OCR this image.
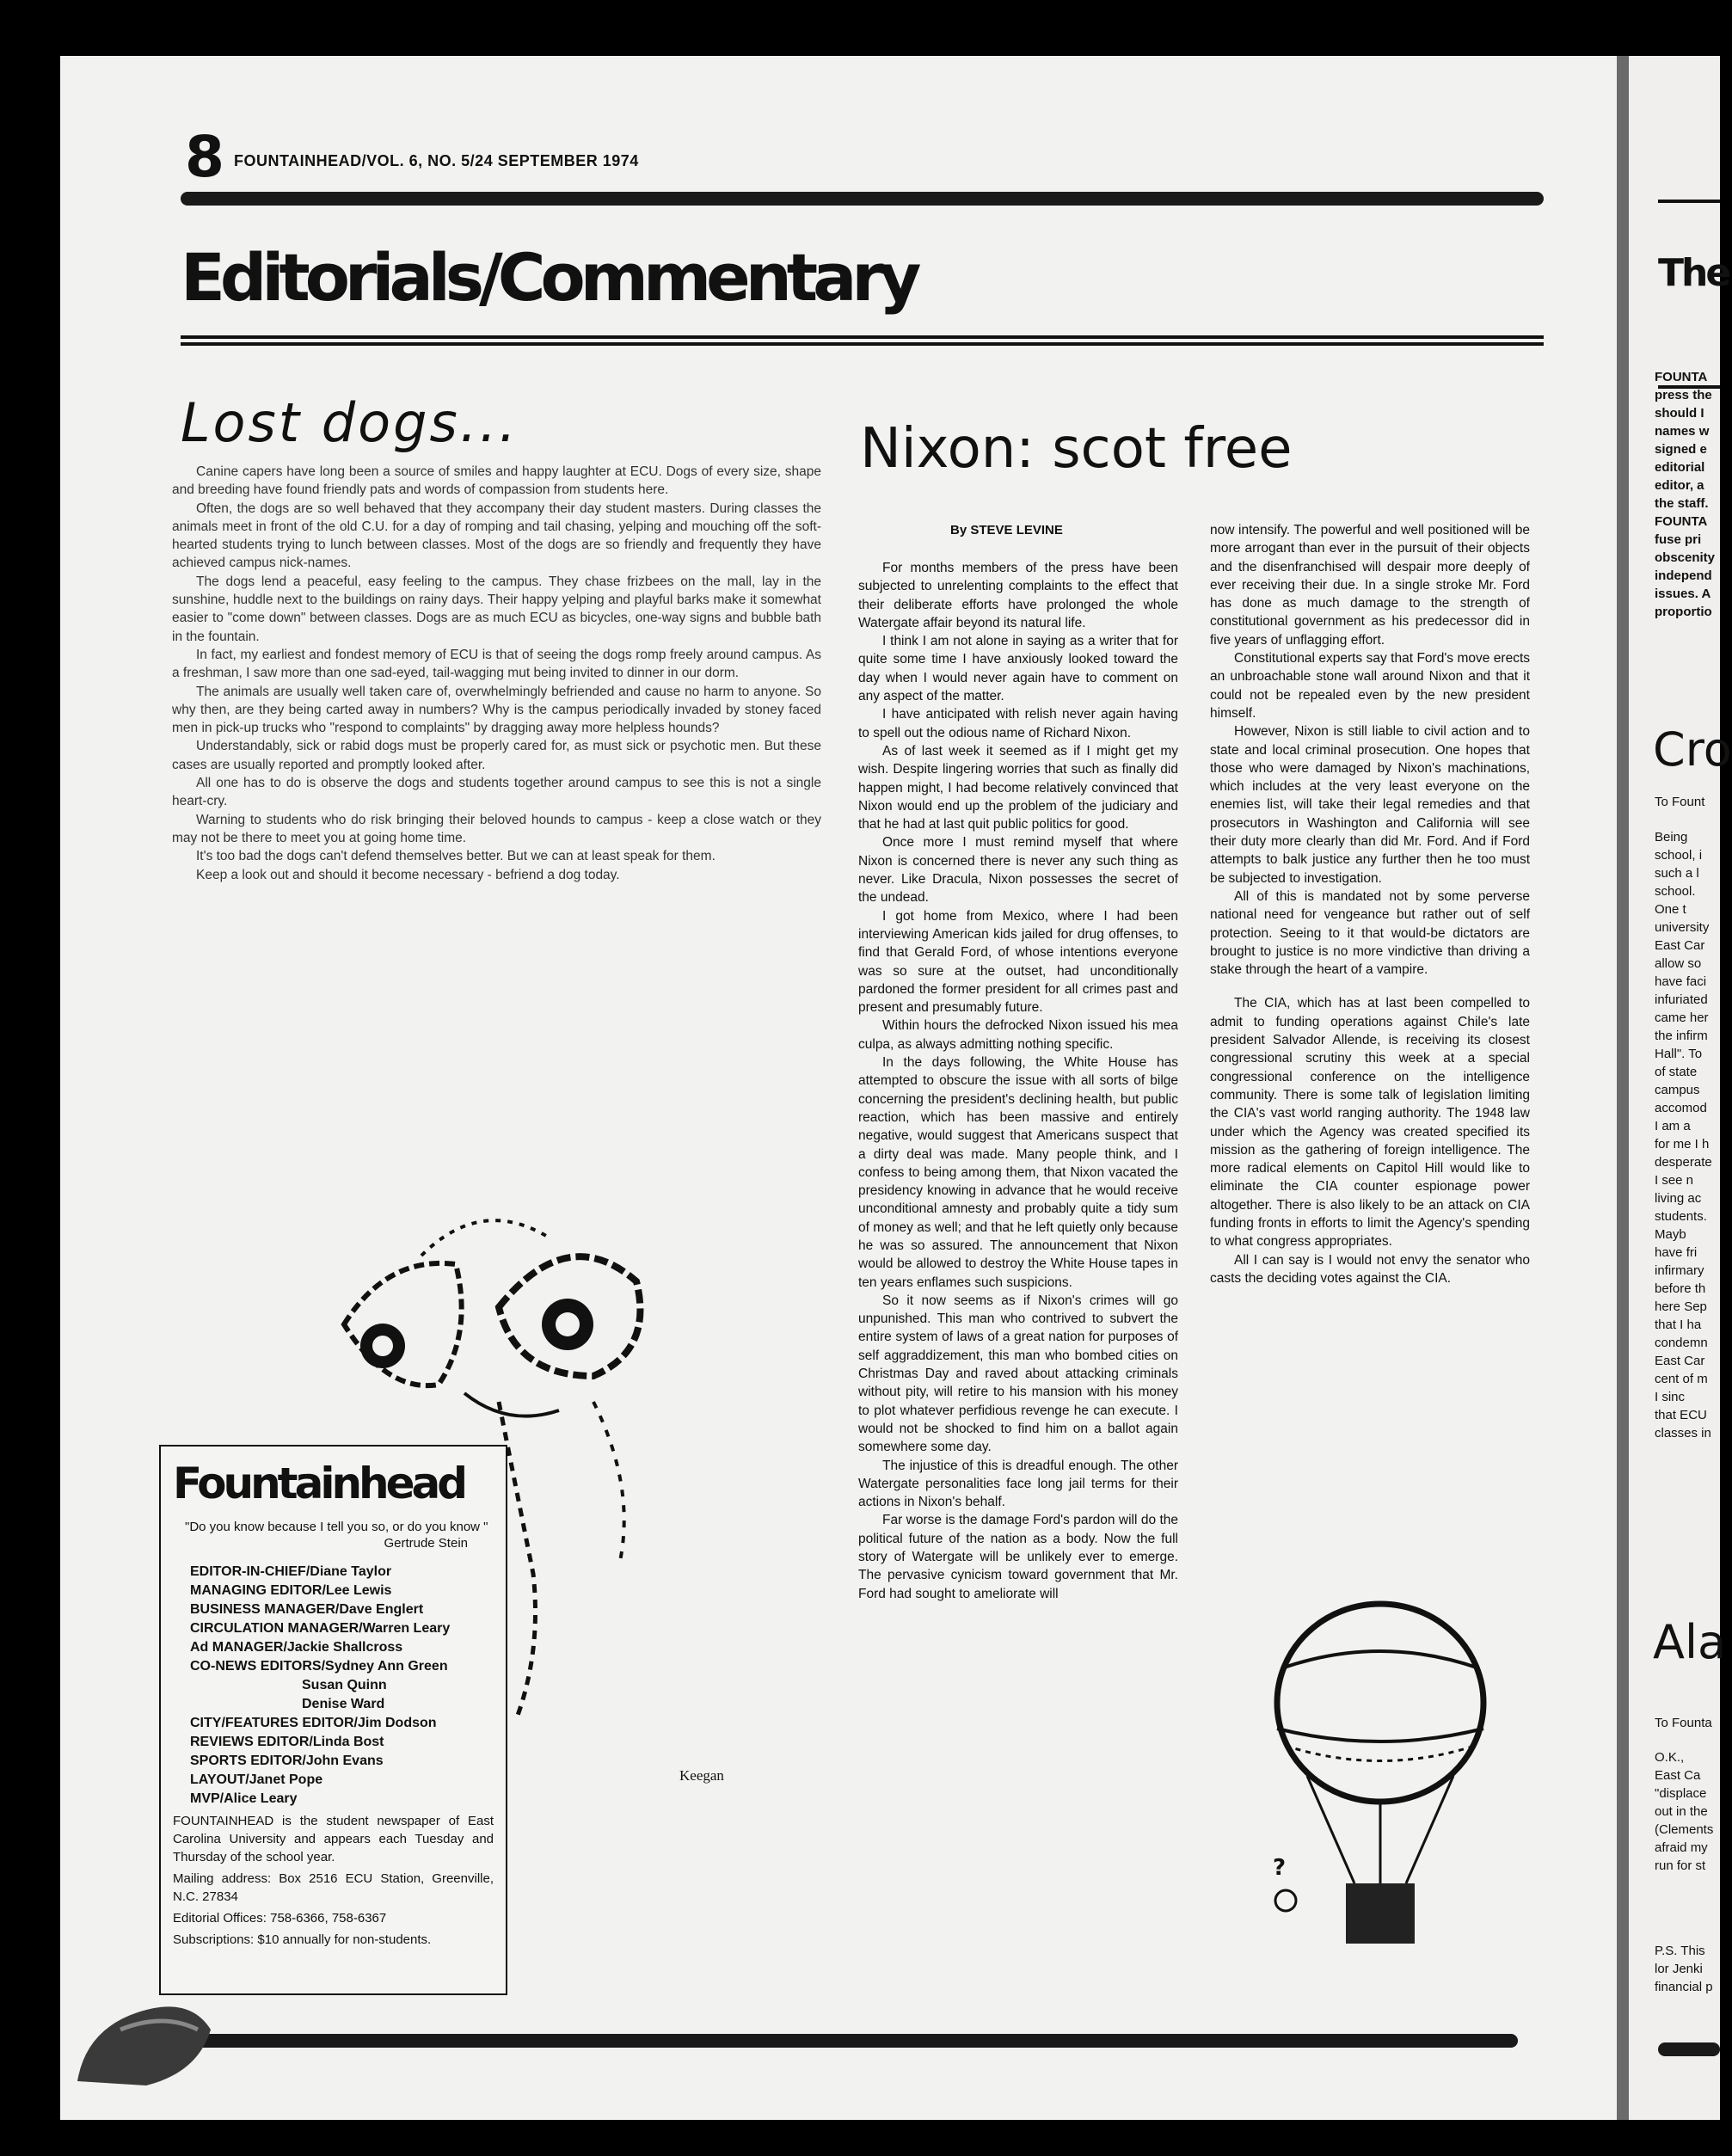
8 FOUNTAINHEAD/VOL. 6, NO. 5/24 SEPTEMBER 1974
Editorials/Commentary
Lost dogs...

Canine capers have long been a source of smiles and happy laughter at ECU. Dogs of every size, shape and breeding have found friendly pats and words of compassion from students here.

Often, the dogs are so well behaved that they accompany their day student masters. During classes the animals meet in front of the old C.U. for a day of romping and tail chasing, yelping and mouching off the soft-hearted students trying to lunch between classes. Most of the dogs are so friendly and frequently they have achieved campus nick-names.

The dogs lend a peaceful, easy feeling to the campus. They chase frizbees on the mall, lay in the sunshine, huddle next to the buildings on rainy days. Their happy yelping and playful barks make it somewhat easier to "come down" between classes. Dogs are as much ECU as bicycles, one-way signs and bubble bath in the fountain.

In fact, my earliest and fondest memory of ECU is that of seeing the dogs romp freely around campus. As a freshman, I saw more than one sad-eyed, tail-wagging mut being invited to dinner in our dorm.

The animals are usually well taken care of, overwhelmingly befriended and cause no harm to anyone. So why then, are they being carted away in numbers? Why is the campus periodically invaded by stoney faced men in pick-up trucks who "respond to complaints" by dragging away more helpless hounds?

Understandably, sick or rabid dogs must be properly cared for, as must sick or psychotic men. But these cases are usually reported and promptly looked after.

All one has to do is observe the dogs and students together around campus to see this is not a single heart-cry.

Warning to students who do risk bringing their beloved hounds to campus - keep a close watch or they may not be there to meet you at going home time.

It's too bad the dogs can't defend themselves better. But we can at least speak for them.

Keep a look out and should it become necessary - befriend a dog today.

Keegan
Fountainhead
"Do you know because I tell you so, or do you know "
Gertrude Stein
EDITOR-IN-CHIEF/Diane Taylor
MANAGING EDITOR/Lee Lewis
BUSINESS MANAGER/Dave Englert
CIRCULATION MANAGER/Warren Leary
Ad MANAGER/Jackie Shallcross
CO-NEWS EDITORS/Sydney Ann Green
Susan Quinn
Denise Ward
CITY/FEATURES EDITOR/Jim Dodson
REVIEWS EDITOR/Linda Bost
SPORTS EDITOR/John Evans
LAYOUT/Janet Pope
MVP/Alice Leary
FOUNTAINHEAD is the student newspaper of East Carolina University and appears each Tuesday and Thursday of the school year.
Mailing address: Box 2516 ECU Station, Greenville, N.C. 27834
Editorial Offices: 758-6366, 758-6367
Subscriptions: $10 annually for non-students.
Nixon: scot free
By STEVE LEVINE

For months members of the press have been subjected to unrelenting complaints to the effect that their deliberate efforts have prolonged the whole Watergate affair beyond its natural life.

I think I am not alone in saying as a writer that for quite some time I have anxiously looked toward the day when I would never again have to comment on any aspect of the matter.

I have anticipated with relish never again having to spell out the odious name of Richard Nixon.

As of last week it seemed as if I might get my wish. Despite lingering worries that such as finally did happen might, I had become relatively convinced that Nixon would end up the problem of the judiciary and that he had at last quit public politics for good.

Once more I must remind myself that where Nixon is concerned there is never any such thing as never. Like Dracula, Nixon possesses the secret of the undead.

I got home from Mexico, where I had been interviewing American kids jailed for drug offenses, to find that Gerald Ford, of whose intentions everyone was so sure at the outset, had unconditionally pardoned the former president for all crimes past and present and presumably future.

Within hours the defrocked Nixon issued his mea culpa, as always admitting nothing specific.

In the days following, the White House has attempted to obscure the issue with all sorts of bilge concerning the president's declining health, but public reaction, which has been massive and entirely negative, would suggest that Americans suspect that a dirty deal was made. Many people think, and I confess to being among them, that Nixon vacated the presidency knowing in advance that he would receive unconditional amnesty and probably quite a tidy sum of money as well; and that he left quietly only because he was so assured. The announcement that Nixon would be allowed to destroy the White House tapes in ten years enflames such suspicions.

So it now seems as if Nixon's crimes will go unpunished. This man who contrived to subvert the entire system of laws of a great nation for purposes of self aggraddizement, this man who bombed cities on Christmas Day and raved about attacking criminals without pity, will retire to his mansion with his money to plot whatever perfidious revenge he can execute. I would not be shocked to find him on a ballot again somewhere some day.

The injustice of this is dreadful enough. The other Watergate personalities face long jail terms for their actions in Nixon's behalf.

Far worse is the damage Ford's pardon will do the political future of the nation as a body. Now the full story of Watergate will be unlikely ever to emerge. The pervasive cynicism toward government that Mr. Ford had sought to ameliorate will

now intensify. The powerful and well positioned will be more arrogant than ever in the pursuit of their objects and the disenfranchised will despair more deeply of ever receiving their due. In a single stroke Mr. Ford has done as much damage to the strength of constitutional government as his predecessor did in five years of unflagging effort.

Constitutional experts say that Ford's move erects an unbroachable stone wall around Nixon and that it could not be repealed even by the new president himself.

However, Nixon is still liable to civil action and to state and local criminal prosecution. One hopes that those who were damaged by Nixon's machinations, which includes at the very least everyone on the enemies list, will take their legal remedies and that prosecutors in Washington and California will see their duty more clearly than did Mr. Ford. And if Ford attempts to balk justice any further then he too must be subjected to investigation.

All of this is mandated not by some perverse national need for vengeance but rather out of self protection. Seeing to it that would-be dictators are brought to justice is no more vindictive than driving a stake through the heart of a vampire.

The CIA, which has at last been compelled to admit to funding operations against Chile's late president Salvador Allende, is receiving its closest congressional scrutiny this week at a special congressional conference on the intelligence community. There is some talk of legislation limiting the CIA's vast world ranging authority. The 1948 law under which the Agency was created specified its mission as the gathering of foreign intelligence. The more radical elements on Capitol Hill would like to eliminate the CIA counter espionage power altogether. There is also likely to be an attack on CIA funding fronts in efforts to limit the Agency's spending to what congress appropriates.

All I can say is I would not envy the senator who casts the deciding votes against the CIA.

?
The
FOUNTA
press the
should I
names w
signed e
editorial
editor, a
the staff.
FOUNTA
fuse pri
obscenity
independ
issues. A
proportio
Cro
To Fount
Being
school, i
such a l
school.
One t
university
East Car
allow so
have faci
infuriated
came her
the infirm
Hall". To
of state
campus
accomod
I am a
for me I h
desperate
I see n
living ac
students.
Mayb
have fri
infirmary
before th
here Sep
that I ha
condemn
East Car
cent of m
I sinc
that ECU
classes in
Ala
To Founta
O.K.,
East Ca
"displace
out in the
(Clements
afraid my
run for st
P.S. This
lor Jenki
financial p
